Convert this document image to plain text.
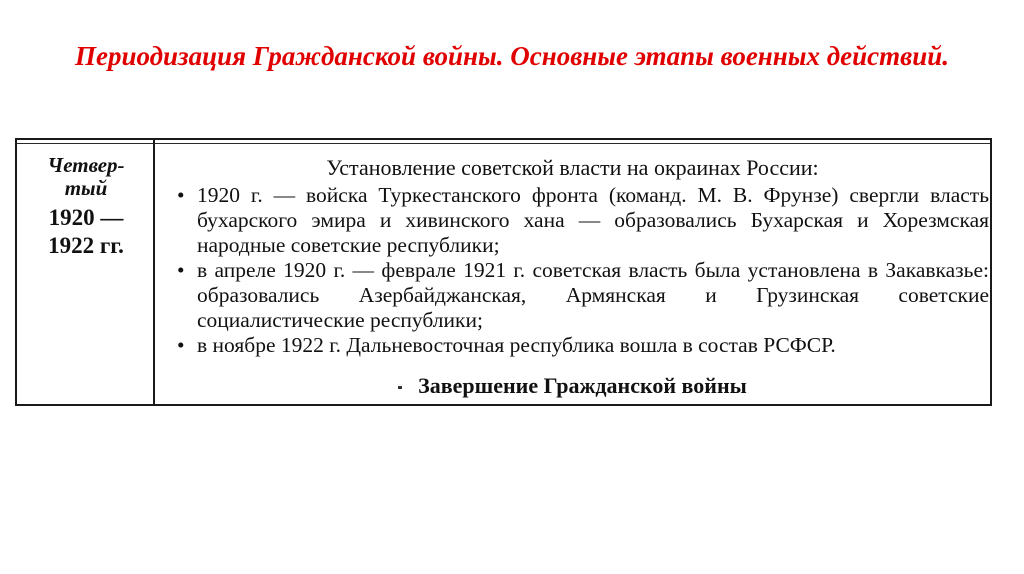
Периодизация Гражданской войны. Основные этапы военных действий.
Четвер-
тый
1920 —
1922 гг.
Установление советской власти на окраинах России:
• 1920 г. — войска Туркестанского фронта (команд. М. В. Фрунзе) свергли власть бухарского эмира и хивинского хана — образовались Бухарская и Хорезмская народные советские республики;
• в апреле 1920 г. — феврале 1921 г. советская власть была установлена в Закавказье: образовались Азербайджанская, Армянская и Грузинская советские социалистические республики;
• в ноябре 1922 г. Дальневосточная республика вошла в состав РСФСР.
Завершение Гражданской войны
